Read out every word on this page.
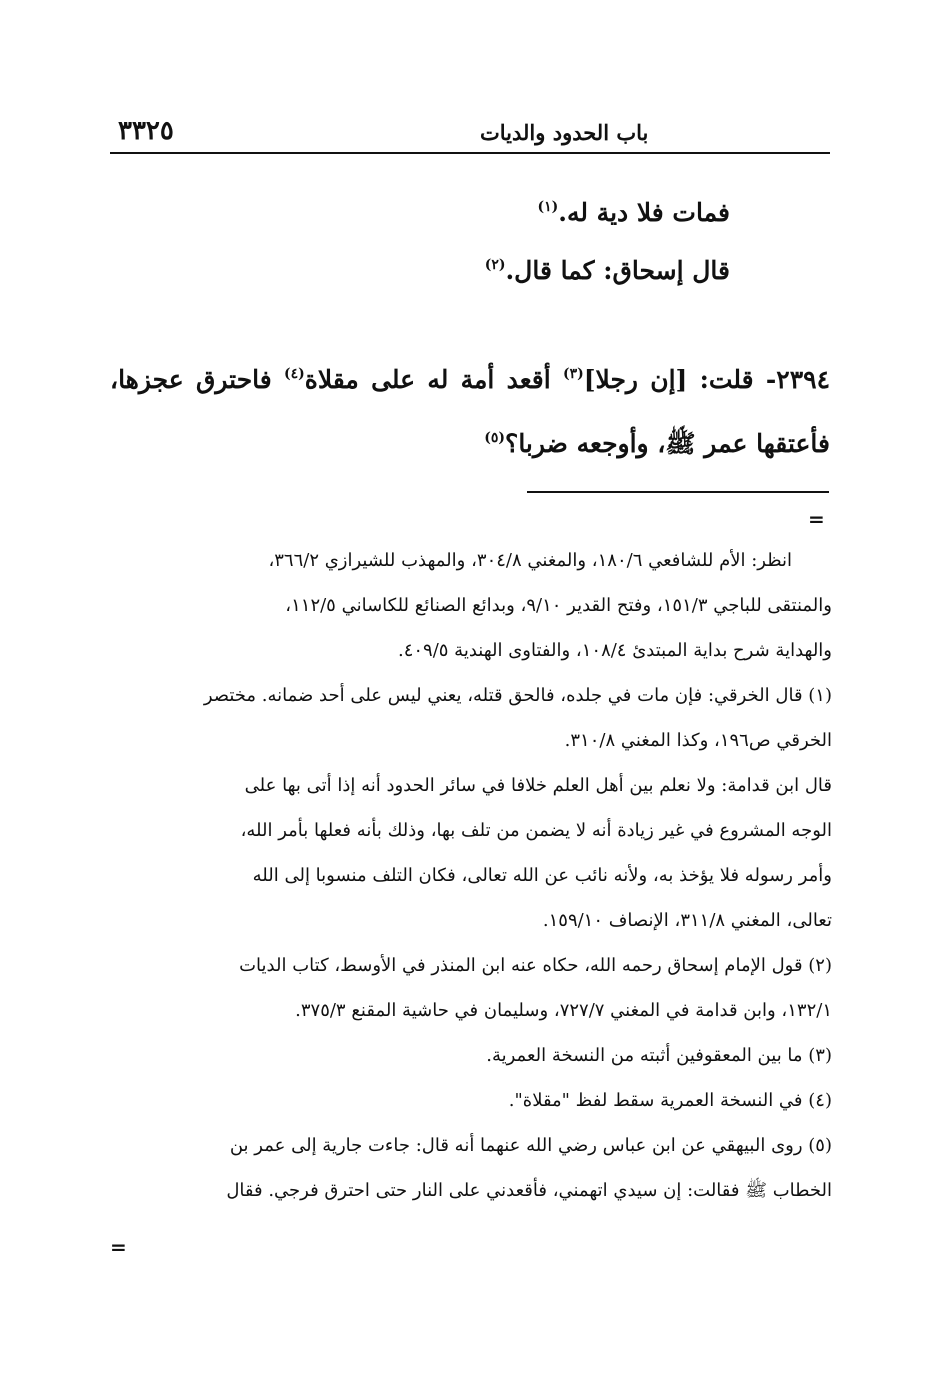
٣٣٢٥	باب الحدود والديات
فمات فلا دية له.$^{(١)}$
قال إسحاق: كما قال.$^{(٢)}$
٢٣٩٤- قلت: [إن رجلا]$^{(٣)}$ أقعد أمة له على مقلاة$^{(٤)}$ فاحترق عجزها، فأعتقها عمر ﷺ، وأوجعه ضربا؟$^{(٥)}$
=
انظر: الأم للشافعي ١٨٠/٦، والمغني ٣٠٤/٨، والمهذب للشيرازي ٣٦٦/٢،
والمنتقى للباجي ١٥١/٣، وفتح القدير ٩/١٠، وبدائع الصنائع للكاساني ١١٢/٥،
والهداية شرح بداية المبتدئ ١٠٨/٤، والفتاوى الهندية ٤٠٩/٥.
(١) قال الخرقي: فإن مات في جلده، فالحق قتله، يعني ليس على أحد ضمانه. مختصر
الخرقي ص١٩٦، وكذا المغني ٣١٠/٨.
قال ابن قدامة: ولا نعلم بين أهل العلم خلافا في سائر الحدود أنه إذا أتى بها على
الوجه المشروع في غير زيادة أنه لا يضمن من تلف بها، وذلك بأنه فعلها بأمر الله،
وأمر رسوله فلا يؤخذ به، ولأنه نائب عن الله تعالى، فكان التلف منسوبا إلى الله
تعالى، المغني ٣١١/٨، الإنصاف ١٥٩/١٠.
(٢) قول الإمام إسحاق رحمه الله، حكاه عنه ابن المنذر في الأوسط، كتاب الديات
١٣٢/١، وابن قدامة في المغني ٧٢٧/٧، وسليمان في حاشية المقنع ٣٧٥/٣.
(٣) ما بين المعقوفين أثبته من النسخة العمرية.
(٤) في النسخة العمرية سقط لفظ "مقلاة".
(٥) روى البيهقي عن ابن عباس رضي الله عنهما أنه قال: جاءت جارية إلى عمر بن
الخطاب ﷺ فقالت: إن سيدي اتهمني، فأقعدني على النار حتى احترق فرجي. فقال
=
